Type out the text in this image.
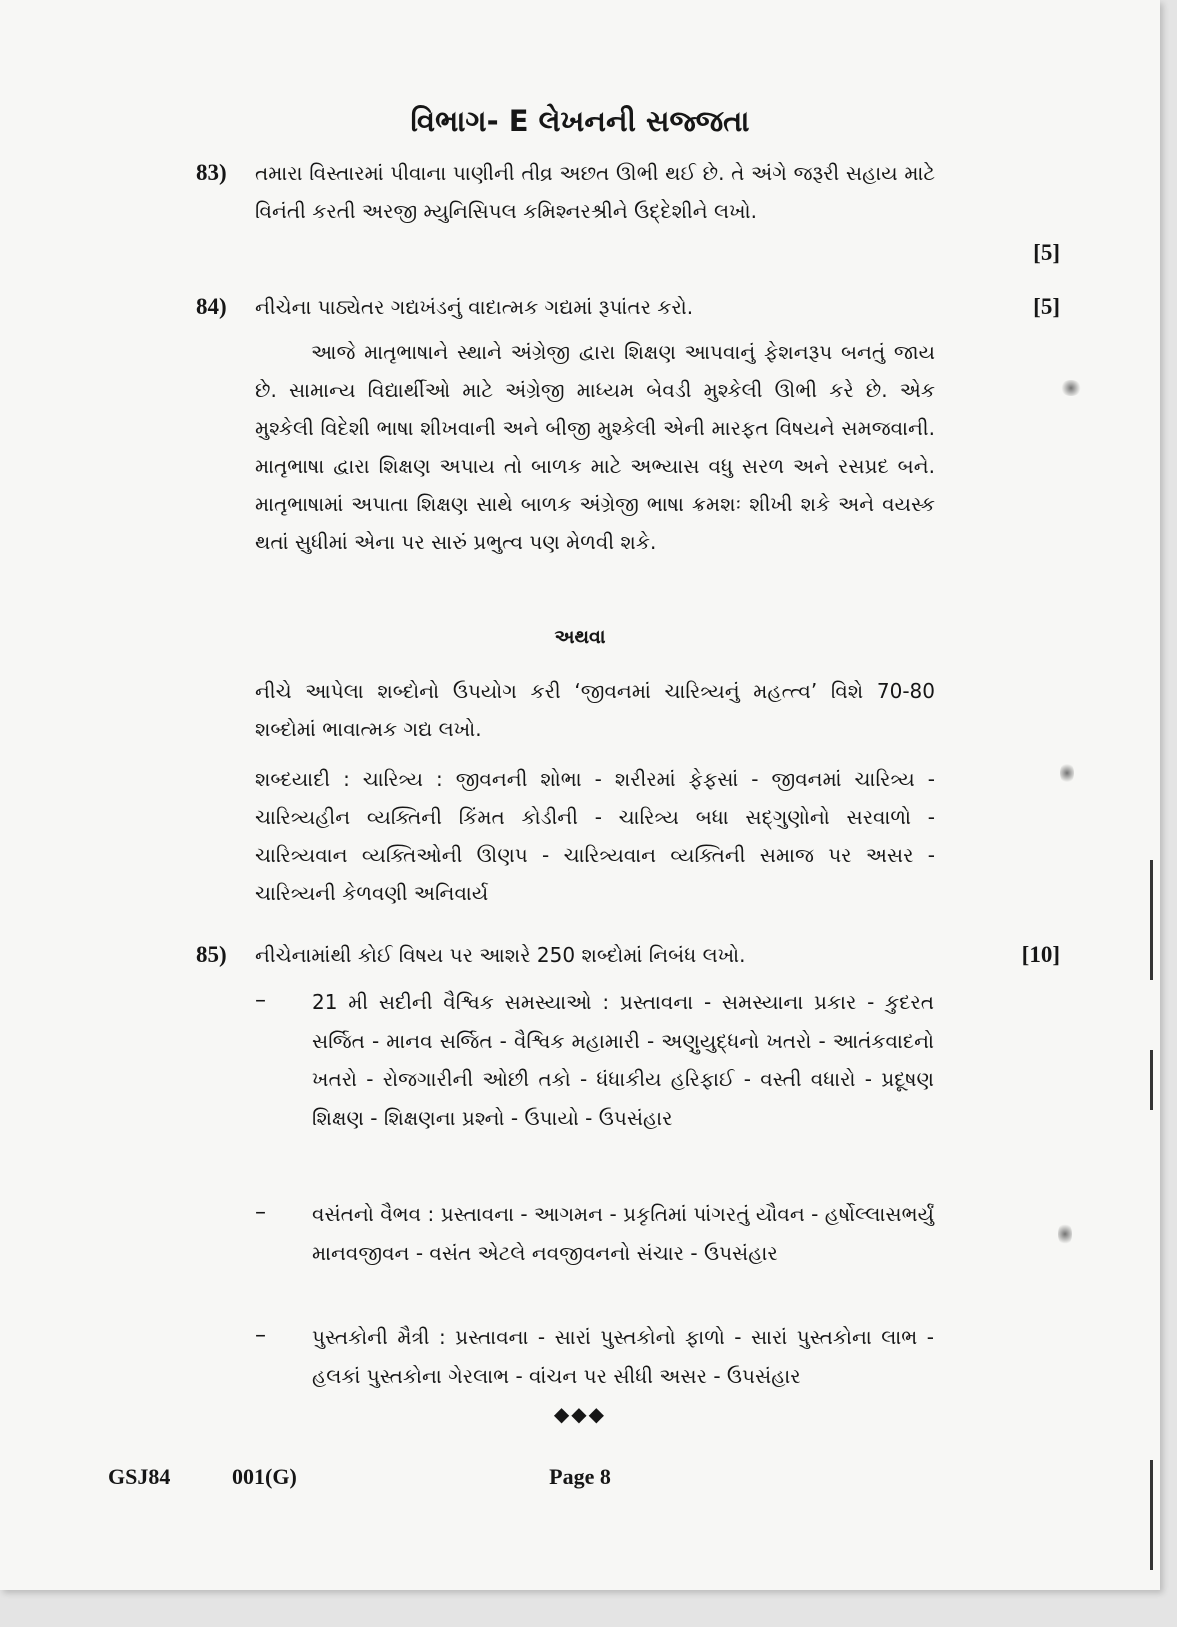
વિભાગ- E લેખનની સજ્જતા
83)	તમારા વિસ્તારમાં પીવાના પાણીની તીવ્ર અછત ઊભી થઈ છે. તે અંગે જરૂરી સહાય માટે વિનંતી કરતી અરજી મ્યુનિસિપલ કમિશ્નરશ્રીને ઉદ્દેશીને લખો.
[5]
84)	નીચેના પાઠ્યેતર ગદ્યખંડનું વાદાત્મક ગદ્યમાં રૂપાંતર કરો.	[5]
આજે માતૃભાષાને સ્થાને અંગ્રેજી દ્વારા શિક્ષણ આપવાનું ફેશનરૂપ બનતું જાય છે. સામાન્ય વિદ્યાર્થીઓ માટે અંગ્રેજી માધ્યમ બેવડી મુશ્કેલી ઊભી કરે છે. એક મુશ્કેલી વિદેશી ભાષા શીખવાની અને બીજી મુશ્કેલી એની મારફત વિષયને સમજવાની. માતૃભાષા દ્વારા શિક્ષણ અપાય તો બાળક માટે અભ્યાસ વધુ સરળ અને રસપ્રદ બને. માતૃભાષામાં અપાતા શિક્ષણ સાથે બાળક અંગ્રેજી ભાષા ક્રમશઃ શીખી શકે અને વયસ્ક થતાં સુધીમાં એના પર સારું પ્રભુત્વ પણ મેળવી શકે.
અથવા
નીચે આપેલા શબ્દોનો ઉપયોગ કરી ‘જીવનમાં ચારિત્ર્યનું મહત્ત્વ’ વિશે 70-80 શબ્દોમાં ભાવાત્મક ગદ્ય લખો.
શબ્દયાદી : ચારિત્ર્ય : જીવનની શોભા - શરીરમાં ફેફસાં - જીવનમાં ચારિત્ર્ય - ચારિત્ર્યહીન વ્યક્તિની કિંમત કોડીની - ચારિત્ર્ય બધા સદ્‌ગુણોનો સરવાળો - ચારિત્ર્યવાન વ્યક્તિઓની ઊણપ - ચારિત્ર્યવાન વ્યક્તિની સમાજ પર અસર - ચારિત્ર્યની કેળવણી અનિવાર્ય
85)	નીચેનામાંથી કોઈ વિષય પર આશરે 250 શબ્દોમાં નિબંધ લખો.	[10]
–	21 મી સદીની વૈશ્વિક સમસ્યાઓ : પ્રસ્તાવના - સમસ્યાના પ્રકાર - કુદરત સર્જિત - માનવ સર્જિત - વૈશ્વિક મહામારી - અણુયુદ્ધનો ખતરો - આતંકવાદનો ખતરો - રોજગારીની ઓછી તકો - ધંધાકીય હરિફાઈ - વસ્તી વધારો - પ્રદૂષણ શિક્ષણ - શિક્ષણના પ્રશ્નો - ઉપાયો - ઉપસંહાર
–	વસંતનો વૈભવ : પ્રસ્તાવના - આગમન - પ્રકૃતિમાં પાંગરતું યૌવન - હર્ષોલ્લાસભર્યું માનવજીવન - વસંત એટલે નવજીવનનો સંચાર - ઉપસંહાર
–	પુસ્તકોની મૈત્રી : પ્રસ્તાવના - સારાં પુસ્તકોનો ફાળો - સારાં પુસ્તકોના લાભ - હલકાં પુસ્તકોના ગેરલાભ - વાંચન પર સીધી અસર - ઉપસંહાર
◆◆◆
GSJ84	001(G)	Page 8
